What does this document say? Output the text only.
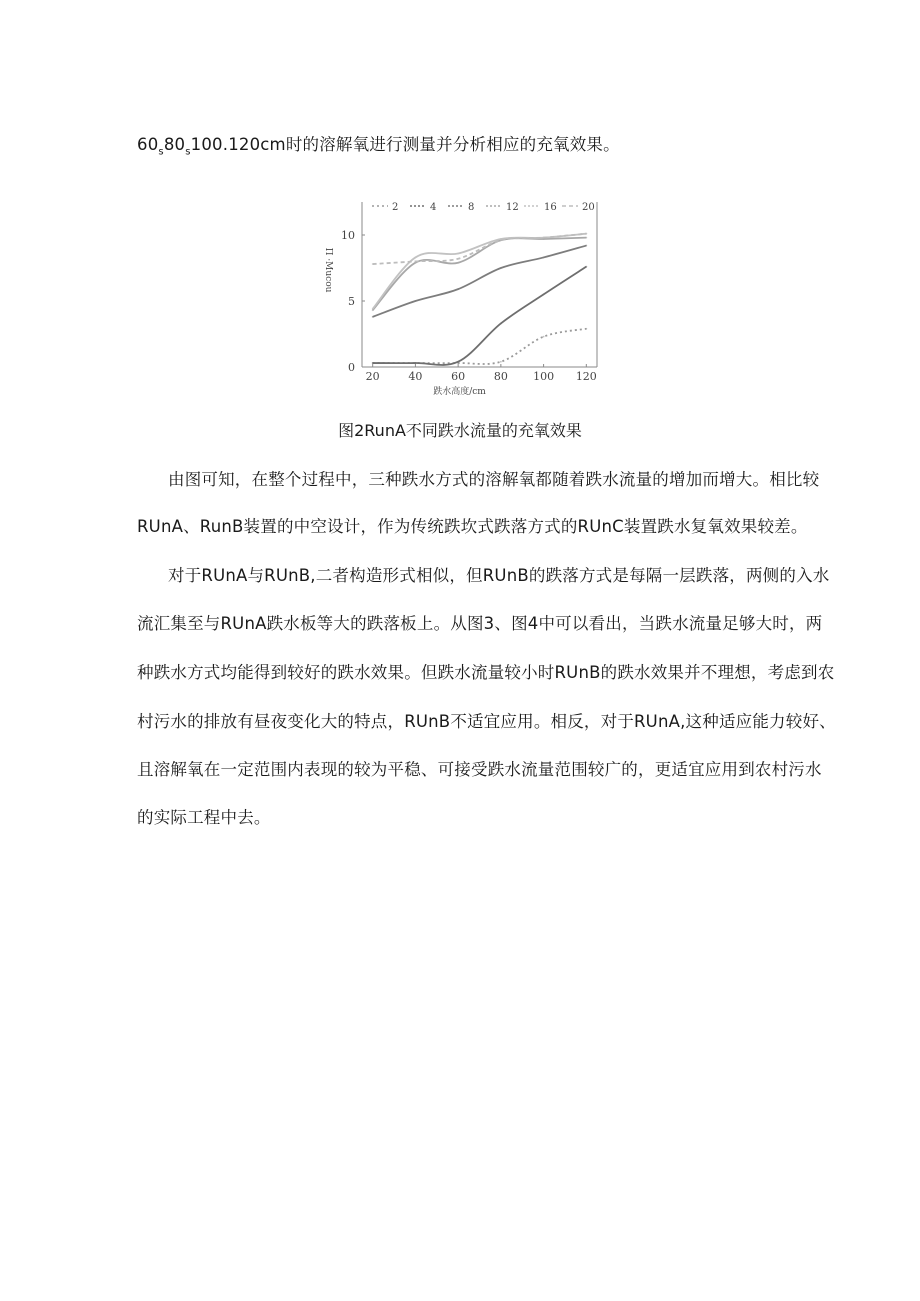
$60_s80_s100.120cm$时的溶解氧进行测量并分析相应的充氧效果。
20	40	60	80 100 120
0
5
10
跌水高度/cm
Π ·Mucou
2	4	8	12	16	20
图2RunA不同跌水流量的充氧效果
由图可知，在整个过程中，三种跌水方式的溶解氧都随着跌水流量的增加而增大。相比较
RUnA、RunB装置的中空设计，作为传统跌坎式跌落方式的RUnC装置跌水复氧效果较差。
对于RUnA与RUnB,二者构造形式相似，但RUnB的跌落方式是每隔一层跌落，两侧的入水
流汇集至与RUnA跌水板等大的跌落板上。从图3、图4中可以看出，当跌水流量足够大时，两
种跌水方式均能得到较好的跌水效果。但跌水流量较小时RUnB的跌水效果并不理想，考虑到农
村污水的排放有昼夜变化大的特点，RUnB不适宜应用。相反，对于RUnA,这种适应能力较好、
且溶解氧在一定范围内表现的较为平稳、可接受跌水流量范围较广的，更适宜应用到农村污水
的实际工程中去。
